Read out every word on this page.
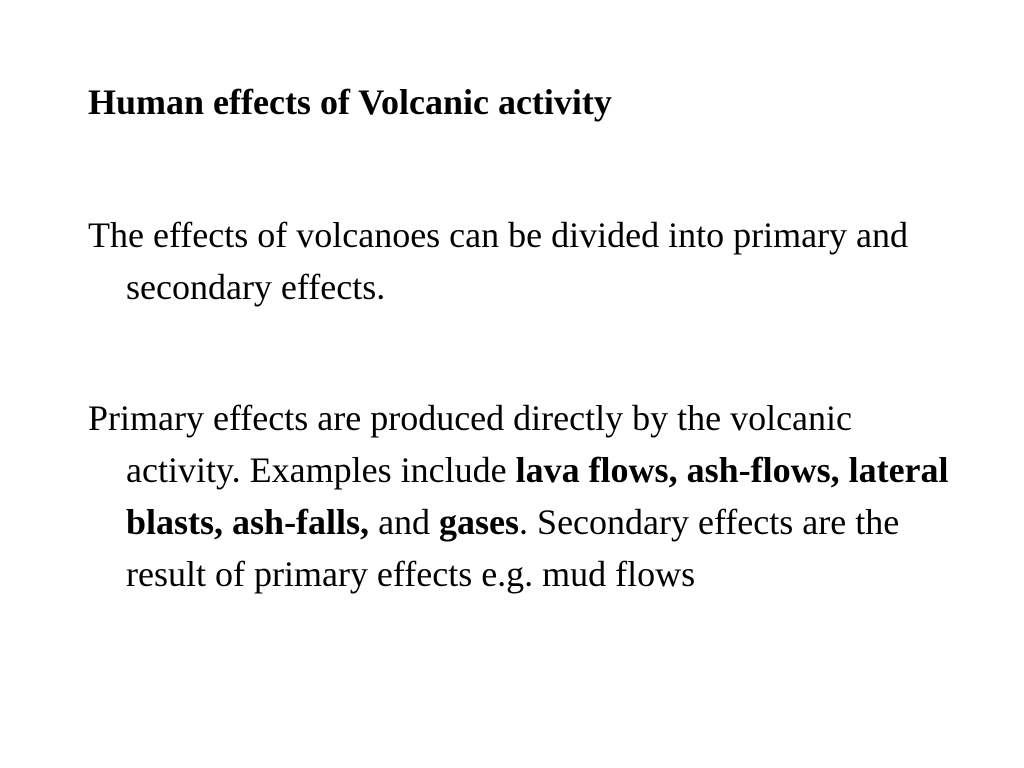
Human effects of Volcanic activity

The effects of volcanoes can be divided into primary and secondary effects.

Primary effects are produced directly by the volcanic activity. Examples include lava flows, ash-flows, lateral blasts, ash-falls, and gases. Secondary effects are the result of primary effects e.g. mud flows
